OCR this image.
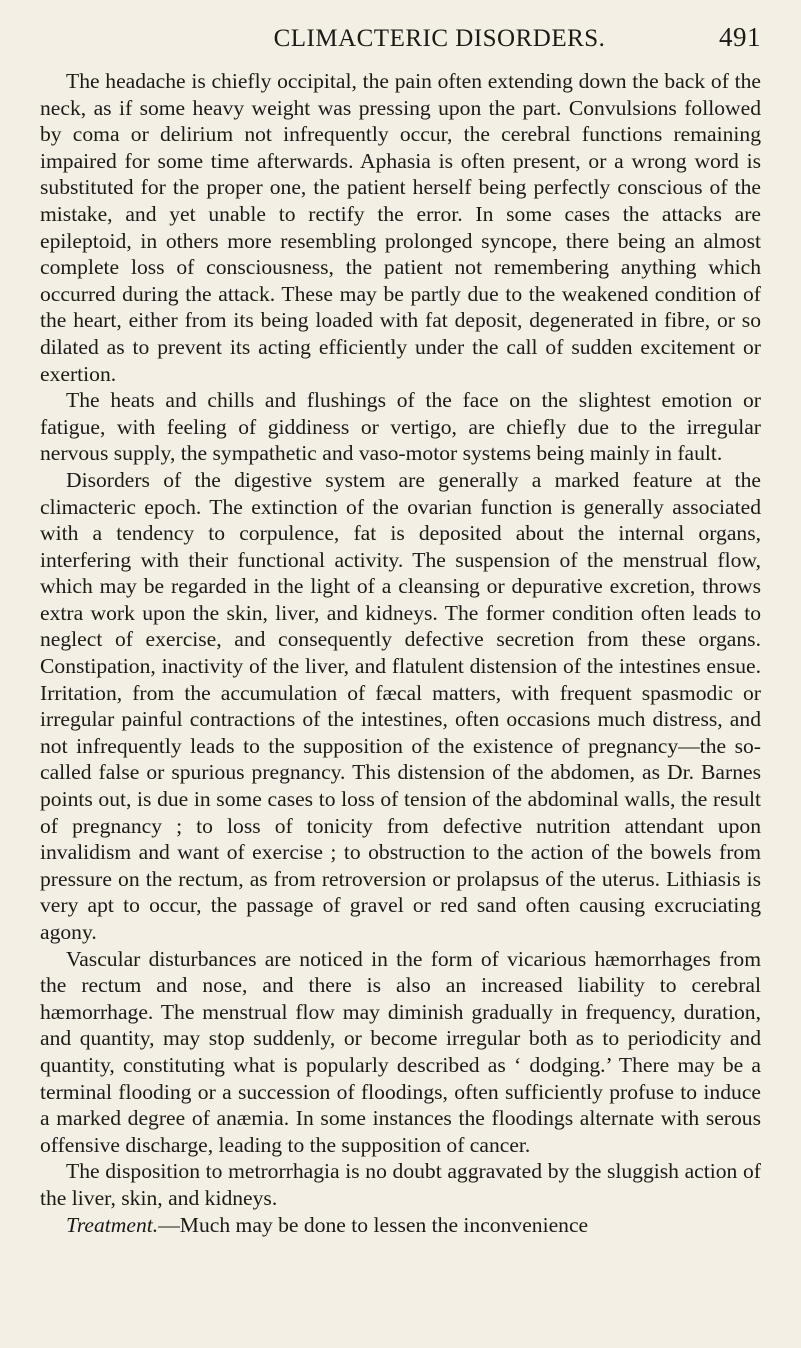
CLIMACTERIC DISORDERS.	491

The headache is chiefly occipital, the pain often extending down the back of the neck, as if some heavy weight was pressing upon the part. Convulsions followed by coma or delirium not infrequently occur, the cerebral functions remaining impaired for some time afterwards. Aphasia is often present, or a wrong word is substituted for the proper one, the patient herself being perfectly conscious of the mistake, and yet unable to rectify the error. In some cases the attacks are epileptoid, in others more resembling prolonged syncope, there being an almost complete loss of consciousness, the patient not remembering anything which occurred during the attack. These may be partly due to the weakened condition of the heart, either from its being loaded with fat deposit, degenerated in fibre, or so dilated as to prevent its acting efficiently under the call of sudden excitement or exertion.

The heats and chills and flushings of the face on the slightest emotion or fatigue, with feeling of giddiness or vertigo, are chiefly due to the irregular nervous supply, the sympathetic and vaso-motor systems being mainly in fault.

Disorders of the digestive system are generally a marked feature at the climacteric epoch. The extinction of the ovarian function is generally associated with a tendency to corpulence, fat is deposited about the internal organs, interfering with their functional activity. The suspension of the menstrual flow, which may be regarded in the light of a cleansing or depurative excretion, throws extra work upon the skin, liver, and kidneys. The former condition often leads to neglect of exercise, and consequently defective secretion from these organs. Constipation, inactivity of the liver, and flatulent distension of the intestines ensue. Irritation, from the accumulation of fæcal matters, with frequent spasmodic or irregular painful contractions of the intestines, often occasions much distress, and not infrequently leads to the supposition of the existence of pregnancy—the so-called false or spurious pregnancy. This distension of the abdomen, as Dr. Barnes points out, is due in some cases to loss of tension of the abdominal walls, the result of pregnancy ; to loss of tonicity from defective nutrition attendant upon invalidism and want of exercise ; to obstruction to the action of the bowels from pressure on the rectum, as from retroversion or prolapsus of the uterus. Lithiasis is very apt to occur, the passage of gravel or red sand often causing excruciating agony.

Vascular disturbances are noticed in the form of vicarious hæmorrhages from the rectum and nose, and there is also an increased liability to cerebral hæmorrhage. The menstrual flow may diminish gradually in frequency, duration, and quantity, may stop suddenly, or become irregular both as to periodicity and quantity, constituting what is popularly described as ‘ dodging.’ There may be a terminal flooding or a succession of floodings, often sufficiently profuse to induce a marked degree of anæmia. In some instances the floodings alternate with serous offensive discharge, leading to the supposition of cancer.

The disposition to metrorrhagia is no doubt aggravated by the sluggish action of the liver, skin, and kidneys.

Treatment.—Much may be done to lessen the inconvenience
